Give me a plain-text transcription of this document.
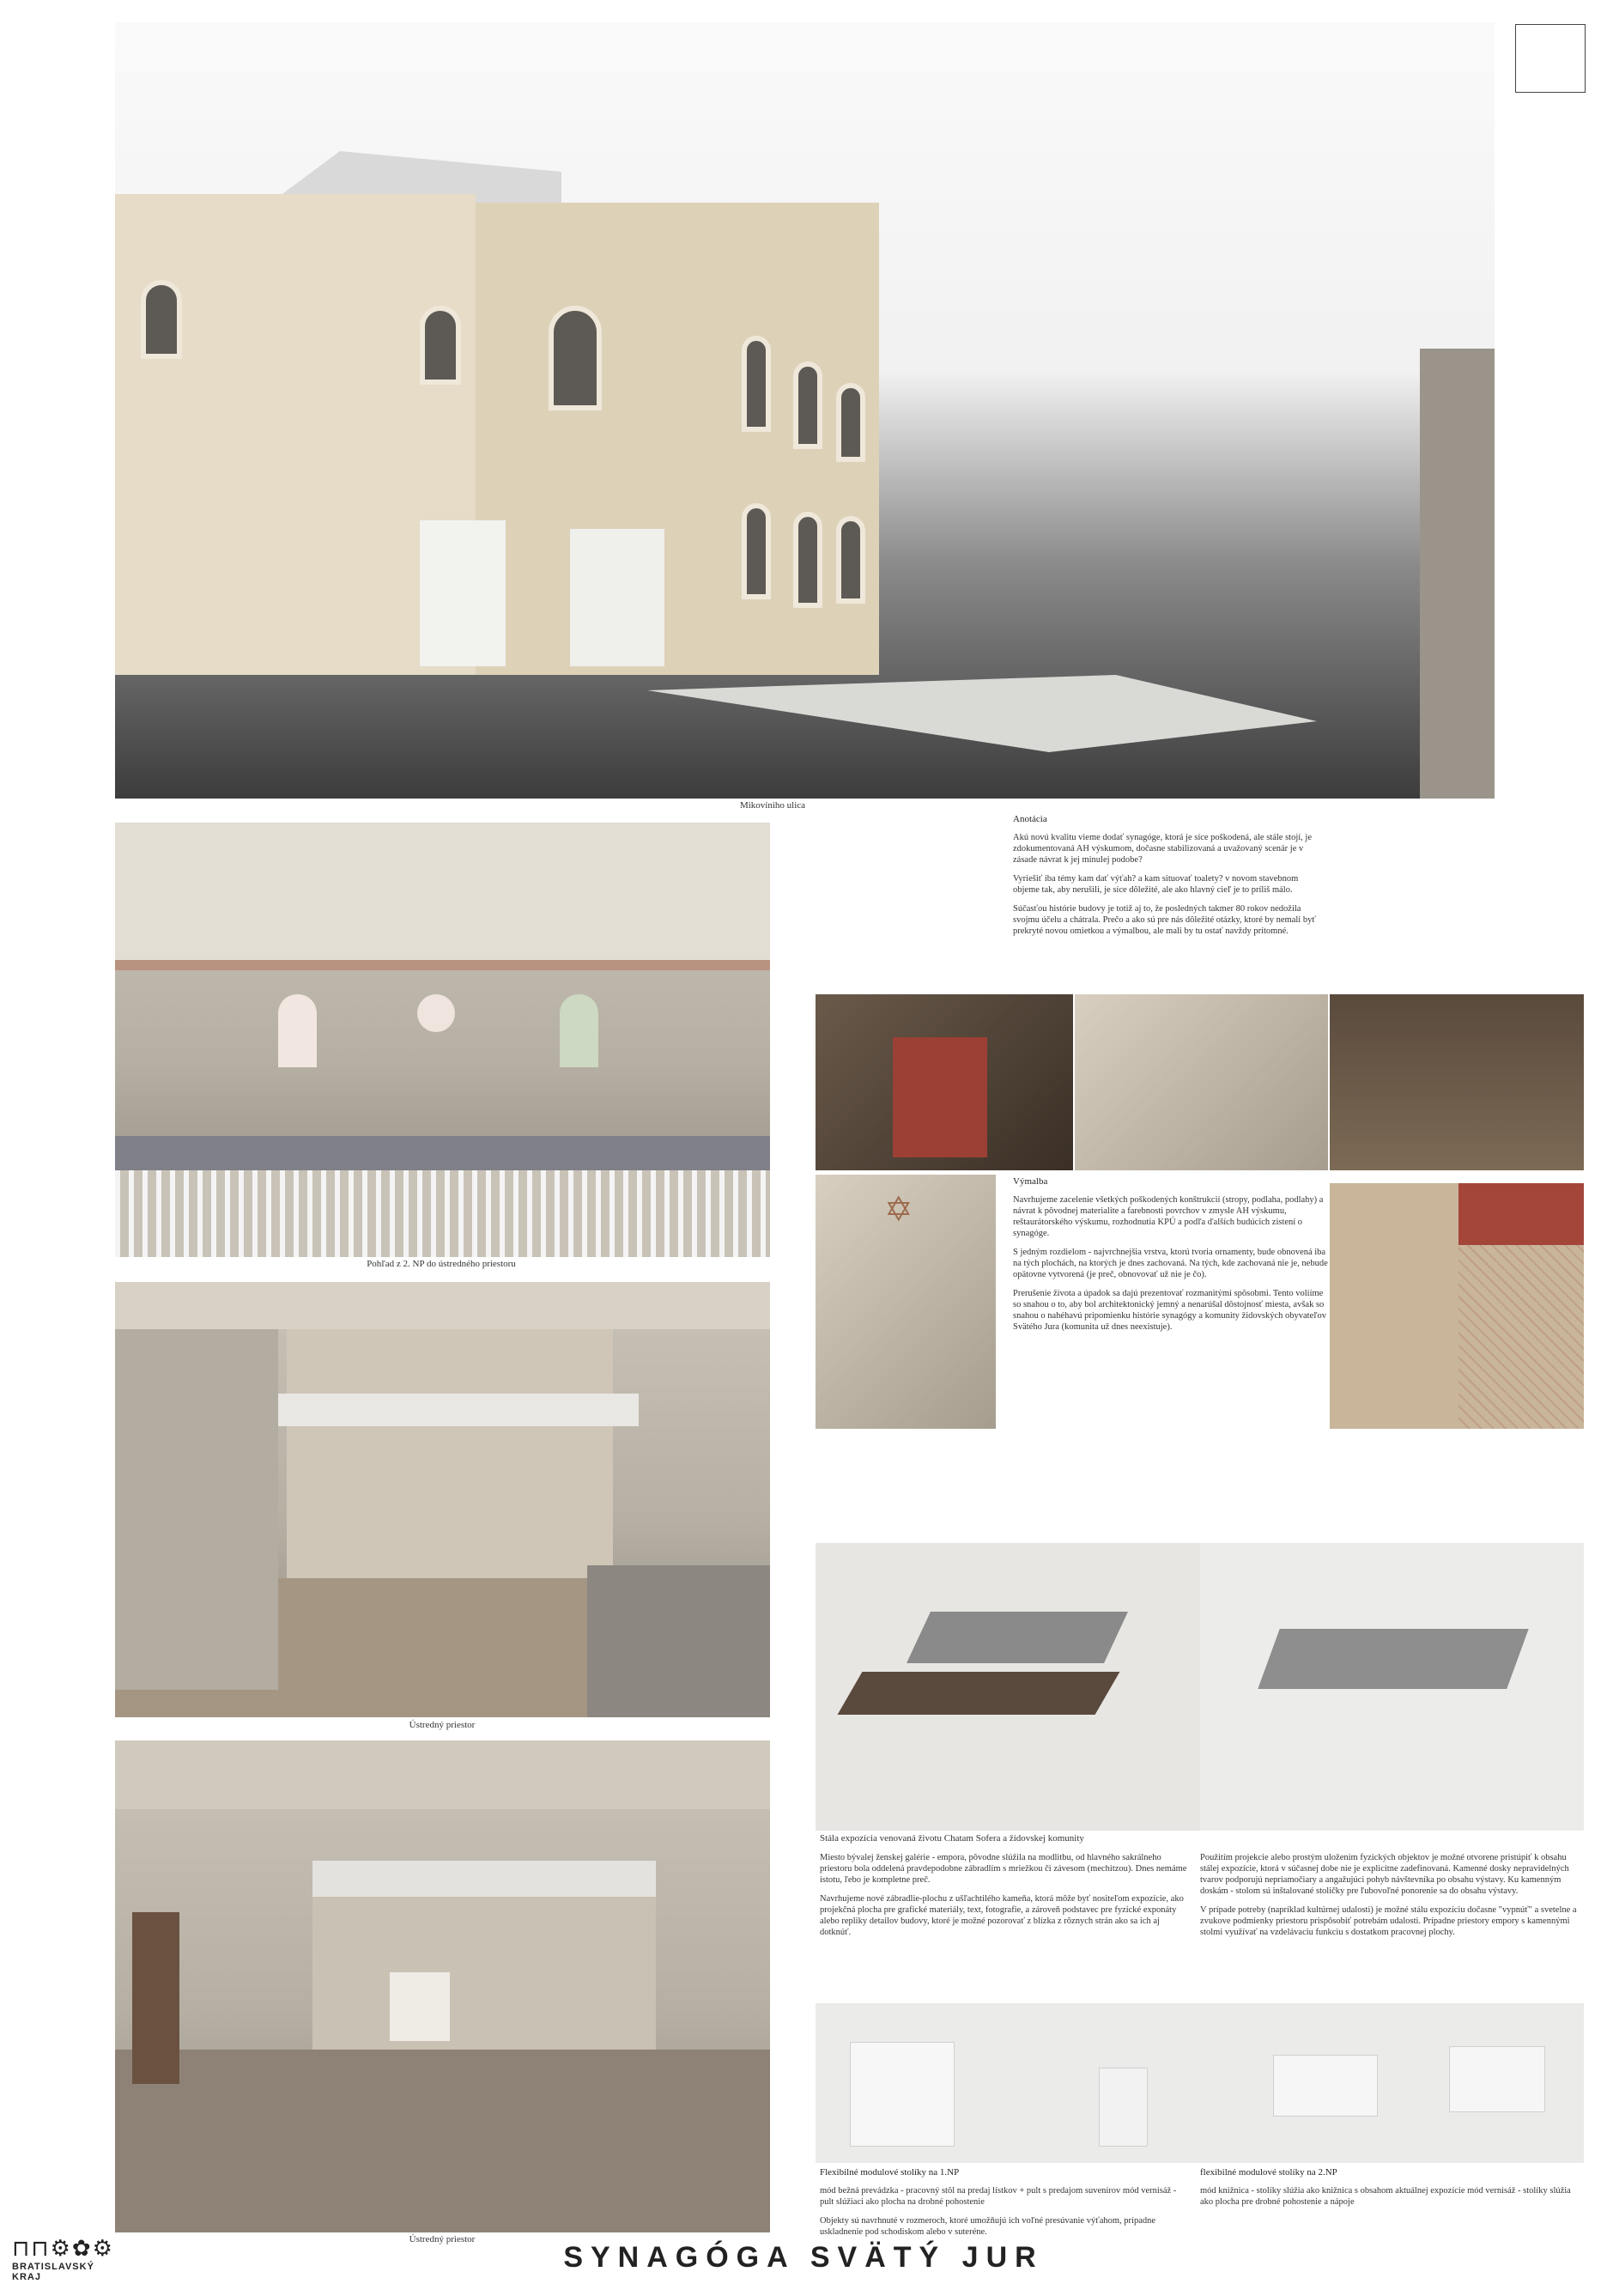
Mikovíniho ulica
Pohľad z 2. NP do ústredného priestoru
Ústredný priestor
Ústredný priestor
Anotácia

Akú novú kvalitu vieme dodať synagóge, ktorá je síce poškodená, ale stále stojí, je zdokumentovaná AH výskumom, dočasne stabilizovaná a uvažovaný scenár je v zásade návrat k jej minulej podobe?

Vyriešiť iba témy kam dať výťah? a kam situovať toalety? v novom stavebnom objeme tak, aby nerušili, je síce dôležité, ale ako hlavný cieľ je to príliš málo.

Súčasťou histórie budovy je totiž aj to, že posledných takmer 80 rokov nedožila svojmu účelu a chátrala. Prečo a ako sú pre nás dôležité otázky, ktoré by nemali byť prekryté novou omietkou a výmalbou, ale mali by tu ostať navždy prítomné.

✡
Výmalba

Navrhujeme zacelenie všetkých poškodených konštrukcií (stropy, podlaha, podlahy) a návrat k pôvodnej materialite a farebnosti povrchov v zmysle AH výskumu, reštaurátorského výskumu, rozhodnutia KPÚ a podľa ďalších budúcich zistení o synagóge.

S jedným rozdielom - najvrchnejšia vrstva, ktorú tvoria ornamenty, bude obnovená iba na tých plochách, na ktorých je dnes zachovaná. Na tých, kde zachovaná nie je, nebude opätovne vytvorená (je preč, obnovovať už nie je čo).

Prerušenie života a úpadok sa dajú prezentovať rozmanitými spôsobmi. Tento voliíme so snahou o to, aby bol architektonický jemný a nenarúšal dôstojnosť miesta, avšak so snahou o nahéhavú pripomienku histórie synagógy a komunity židovských obyvateľov Svätého Jura (komunita už dnes neexistuje).

Stála expozícia venovaná životu Chatam Sofera a židovskej komunity

Miesto bývalej ženskej galérie - empora, pôvodne slúžila na modlitbu, od hlavného sakrálneho priestoru bola oddelená pravdepodobne zábradlím s mriežkou či závesom (mechitzou). Dnes nemáme istotu, ľebo je kompletne preč.

Navrhujeme nové zábradlie-plochu z ušľachtilého kameňa, ktorá môže byť nositeľom expozície, ako projekčná plocha pre grafické materiály, text, fotografie, a zároveň podstavec pre fyzické exponáty alebo repliky detailov budovy, ktoré je možné pozorovať z blízka z rôznych strán ako sa ich aj dotknúť.

Použitím projekcie alebo prostým uložením fyzických objektov je možné otvorene pristúpiť k obsahu stálej expozície, ktorá v súčasnej dobe nie je explicitne zadefinovaná. Kamenné dosky nepravidelných tvarov podporujú nepriamočiary a angažujúci pohyb návštevníka po obsahu výstavy. Ku kamenným doskám - stolom sú inštalované stoličky pre ľubovoľné ponorenie sa do obsahu výstavy.

V prípade potreby (napríklad kultúrnej udalosti) je možné stálu expozíciu dočasne "vypnúť" a svetelne a zvukove podmienky priestoru prispôsobiť potrebám udalosti. Prípadne priestory empory s kamennými stolmi využívať na vzdelávaciu funkciu s dostatkom pracovnej plochy.

Flexibilné modulové stolíky na 1.NP

mód bežná prevádzka - pracovný stôl na predaj lístkov + pult s predajom suvenírov mód vernisáž - pult slúžiaci ako plocha na drobné pohostenie

Objekty sú navrhnuté v rozmeroch, ktoré umožňujú ich voľné presúvanie výťahom, prípadne uskladnenie pod schodiskom alebo v suteréne.

flexibilné modulové stolíky na 2.NP

mód knižnica - stolíky slúžia ako knižnica s obsahom aktuálnej expozície mód vernisáž - stolíky slúžia ako plocha pre drobné pohostenie a nápoje

⊓⊓⚙✿⚙
BRATISLAVSKÝ KRAJ
SYNAGÓGA SVÄTÝ JUR
